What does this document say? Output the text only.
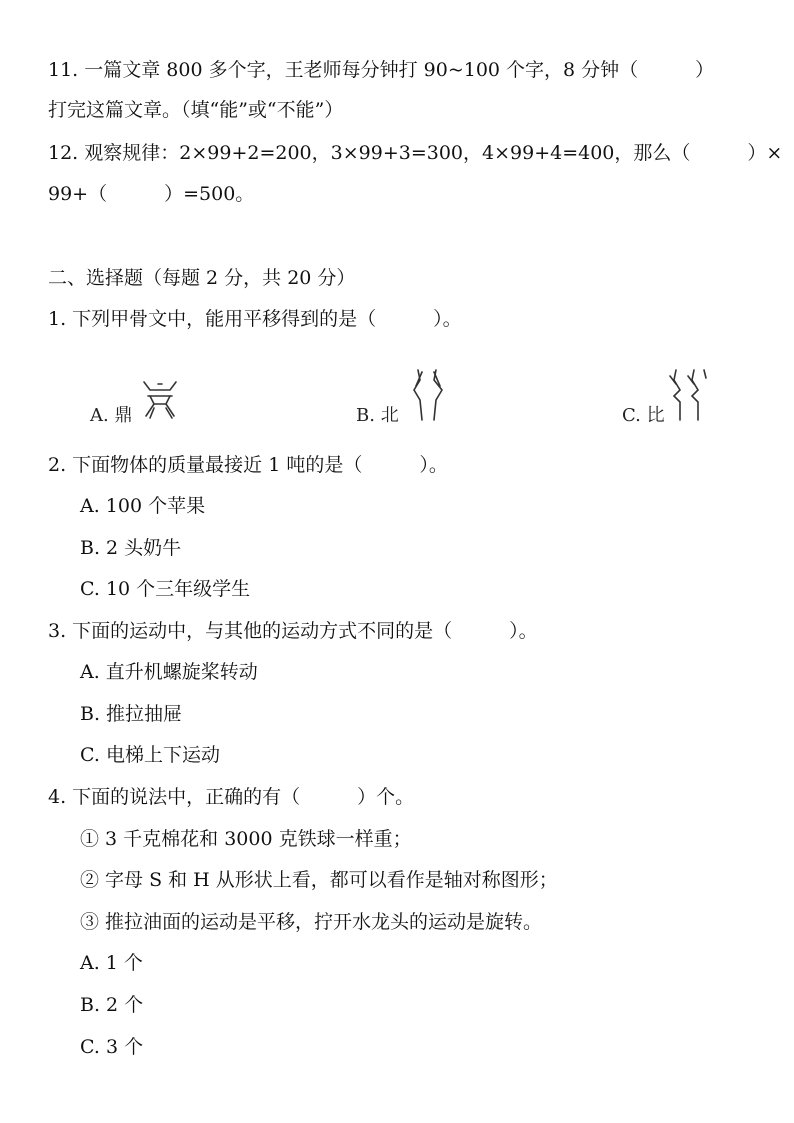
11. 一篇文章 800 多个字，王老师每分钟打 90~100 个字，8 分钟（　　　）
打完这篇文章。（填“能”或“不能”）
12. 观察规律：2×99+2=200，3×99+3=300，4×99+4=400，那么（　　　）×
99+（　　　）=500。
二、选择题（每题 2 分，共 20 分）
1. 下列甲骨文中，能用平移得到的是（　　　）。
A. 鼎	B. 北	C. 比
2. 下面物体的质量最接近 1 吨的是（　　　）。
A. 100 个苹果
B. 2 头奶牛
C. 10 个三年级学生
3. 下面的运动中，与其他的运动方式不同的是（　　　）。
A. 直升机螺旋桨转动
B. 推拉抽屉
C. 电梯上下运动
4. 下面的说法中，正确的有（　　　）个。
① 3 千克棉花和 3000 克铁球一样重；
② 字母 S 和 H 从形状上看，都可以看作是轴对称图形；
③ 推拉油面的运动是平移，拧开水龙头的运动是旋转。
A. 1 个
B. 2 个
C. 3 个
